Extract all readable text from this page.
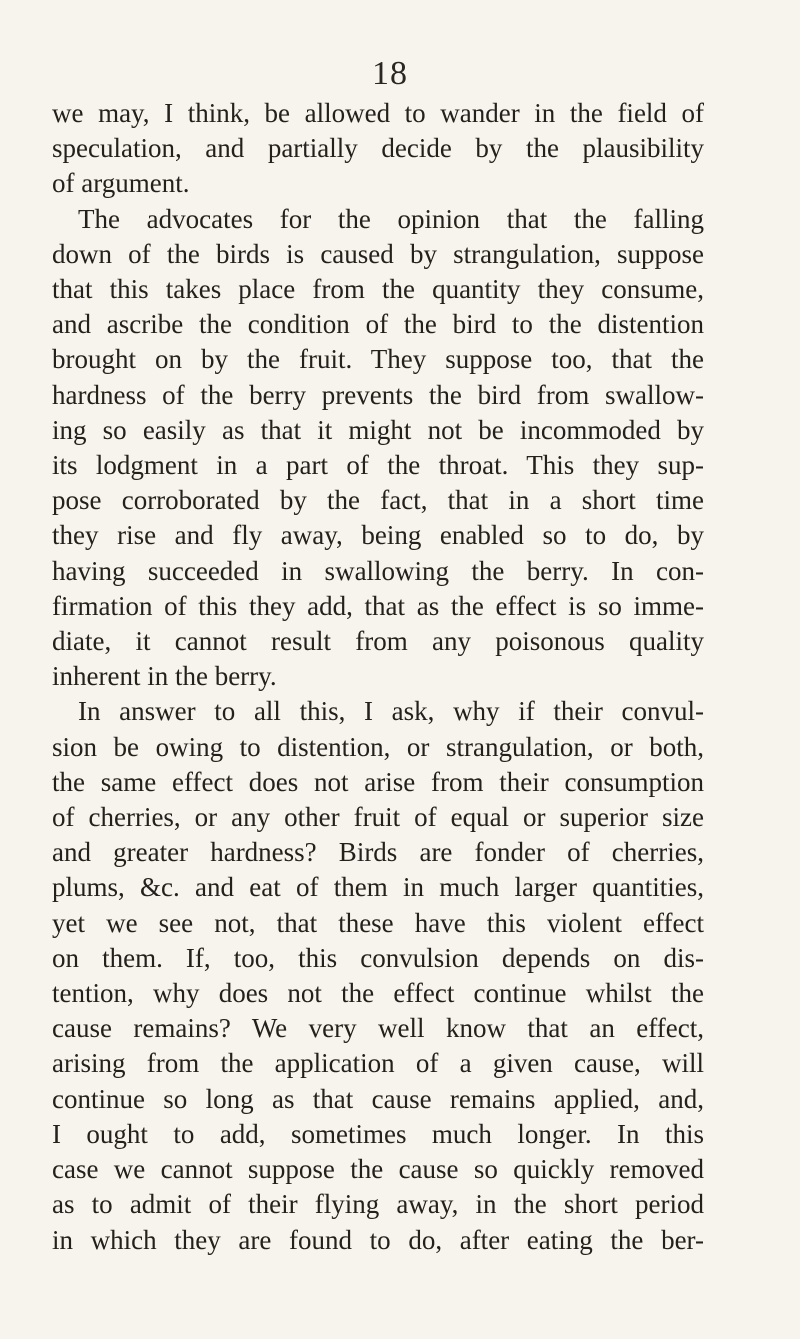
18
we may, I think, be allowed to wander in the field of
speculation, and partially decide by the plausibility
of argument.
The advocates for the opinion that the falling
down of the birds is caused by strangulation, suppose
that this takes place from the quantity they consume,
and ascribe the condition of the bird to the distention
brought on by the fruit. They suppose too, that the
hardness of the berry prevents the bird from swallow-
ing so easily as that it might not be incommoded by
its lodgment in a part of the throat. This they sup-
pose corroborated by the fact, that in a short time
they rise and fly away, being enabled so to do, by
having succeeded in swallowing the berry. In con-
firmation of this they add, that as the effect is so imme-
diate, it cannot result from any poisonous quality
inherent in the berry.
In answer to all this, I ask, why if their convul-
sion be owing to distention, or strangulation, or both,
the same effect does not arise from their consumption
of cherries, or any other fruit of equal or superior size
and greater hardness? Birds are fonder of cherries,
plums, &c. and eat of them in much larger quantities,
yet we see not, that these have this violent effect
on them. If, too, this convulsion depends on dis-
tention, why does not the effect continue whilst the
cause remains? We very well know that an effect,
arising from the application of a given cause, will
continue so long as that cause remains applied, and,
I ought to add, sometimes much longer. In this
case we cannot suppose the cause so quickly removed
as to admit of their flying away, in the short period
in which they are found to do, after eating the ber-
